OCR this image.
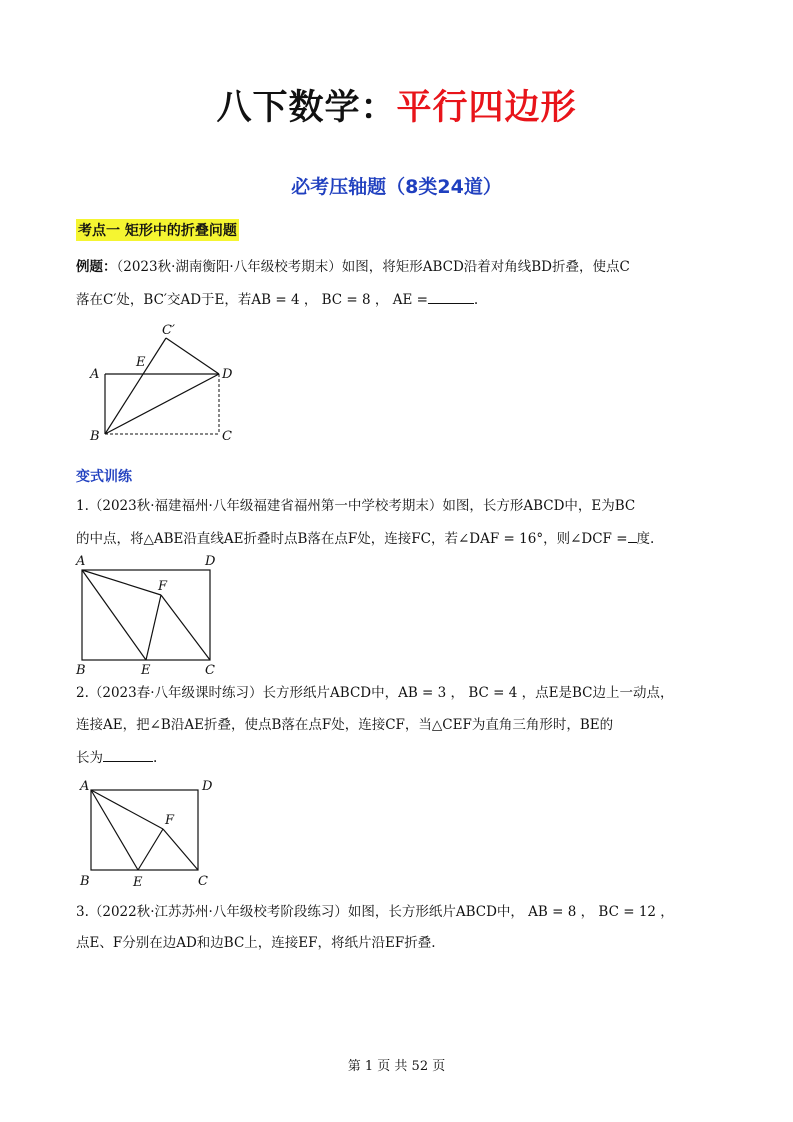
八下数学：平行四边形
必考压轴题（8类24道）
考点一 矩形中的折叠问题
例题：（2023秋·湖南衡阳·八年级校考期末）如图，将矩形ABCD沿着对角线BD折叠，使点C
落在C′处，BC′交AD于E，若AB = 4 ， BC = 8 ， AE =	.
A
E
C′
D
B	C
变式训练
1.（2023秋·福建福州·八年级福建省福州第一中学校考期末）如图，长方形ABCD中，E为BC
的中点，将△ABE沿直线AE折叠时点B落在点F处，连接FC，若∠DAF = 16°，则∠DCF = 度.
A	D
F
B	E	C
2.（2023春·八年级课时练习）长方形纸片ABCD中，AB = 3 ， BC = 4 ，点E是BC边上一动点，
连接AE，把∠B沿AE折叠，使点B落在点F处，连接CF，当△CEF为直角三角形时，BE的
长为	.
A	D
F
B	E	C
3.（2022秋·江苏苏州·八年级校考阶段练习）如图，长方形纸片ABCD中， AB = 8 ， BC = 12 ，
点E、F分别在边AD和边BC上，连接EF，将纸片沿EF折叠.
第 1 页 共 52 页
